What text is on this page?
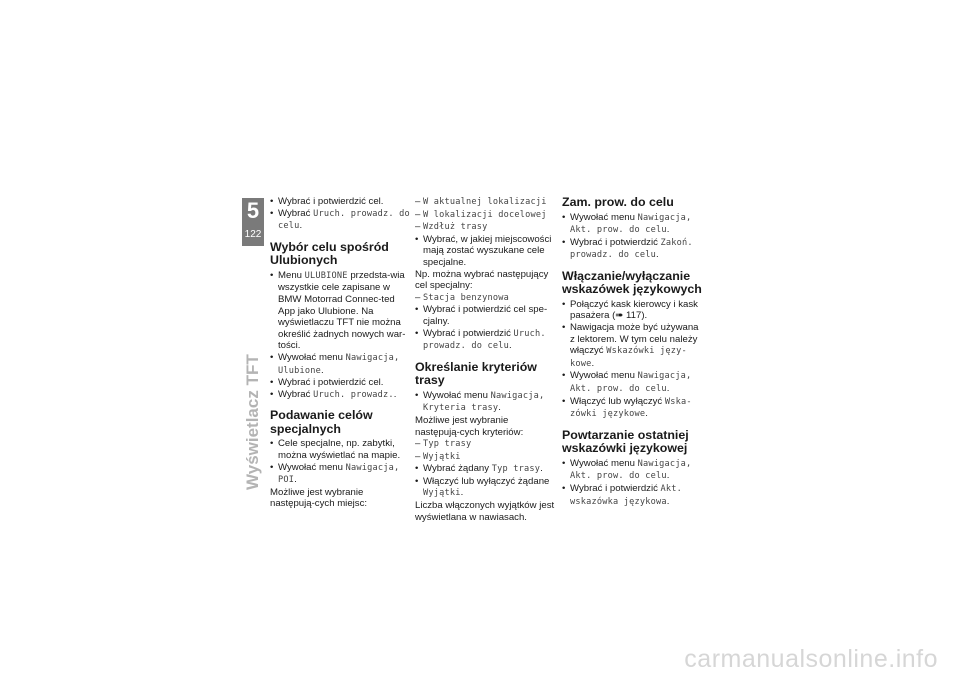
5
122
Wyświetlacz TFT

• Wybrać i potwierdzić cel.

• Wybrać Uruch. prowadz. do celu.

Wybór celu spośród Ulubionych

• Menu ULUBIONE przedsta-wia wszystkie cele zapisane w BMW Motorrad Connec-ted App jako Ulubione. Na wyświetlaczu TFT nie można określić żadnych nowych war-tości.

• Wywołać menu Nawigacja, Ulubione.

• Wybrać i potwierdzić cel.

• Wybrać Uruch. prowadz..

Podawanie celów specjalnych

• Cele specjalne, np. zabytki, można wyświetlać na mapie.

• Wywołać menu Nawigacja, POI.

Możliwe jest wybranie następują-cych miejsc:

– W aktualnej lokalizacji

– W lokalizacji docelowej

– Wzdłuż trasy

• Wybrać, w jakiej miejscowości mają zostać wyszukane cele specjalne.

Np. można wybrać następujący cel specjalny:

– Stacja benzynowa

• Wybrać i potwierdzić cel spe-cjalny.

• Wybrać i potwierdzić Uruch. prowadz. do celu.

Określanie kryteriów trasy

• Wywołać menu Nawigacja, Kryteria trasy.

Możliwe jest wybranie następują-cych kryteriów:

– Typ trasy

– Wyjątki

• Wybrać żądany Typ trasy.

• Włączyć lub wyłączyć żądane Wyjątki.

Liczba włączonych wyjątków jest wyświetlana w nawiasach.

Zam. prow. do celu

• Wywołać menu Nawigacja, Akt. prow. do celu.

• Wybrać i potwierdzić Zakoń. prowadz. do celu.

Włączanie/wyłączanie wskazówek językowych

• Połączyć kask kierowcy i kask pasażera (➠ 117).

• Nawigacja może być używana z lektorem. W tym celu należy włączyć Wskazówki języ-kowe.

• Wywołać menu Nawigacja, Akt. prow. do celu.

• Włączyć lub wyłączyć Wska-zówki językowe.

Powtarzanie ostatniej wskazówki językowej

• Wywołać menu Nawigacja, Akt. prow. do celu.

• Wybrać i potwierdzić Akt. wskazówka językowa.

carmanualsonline.info
